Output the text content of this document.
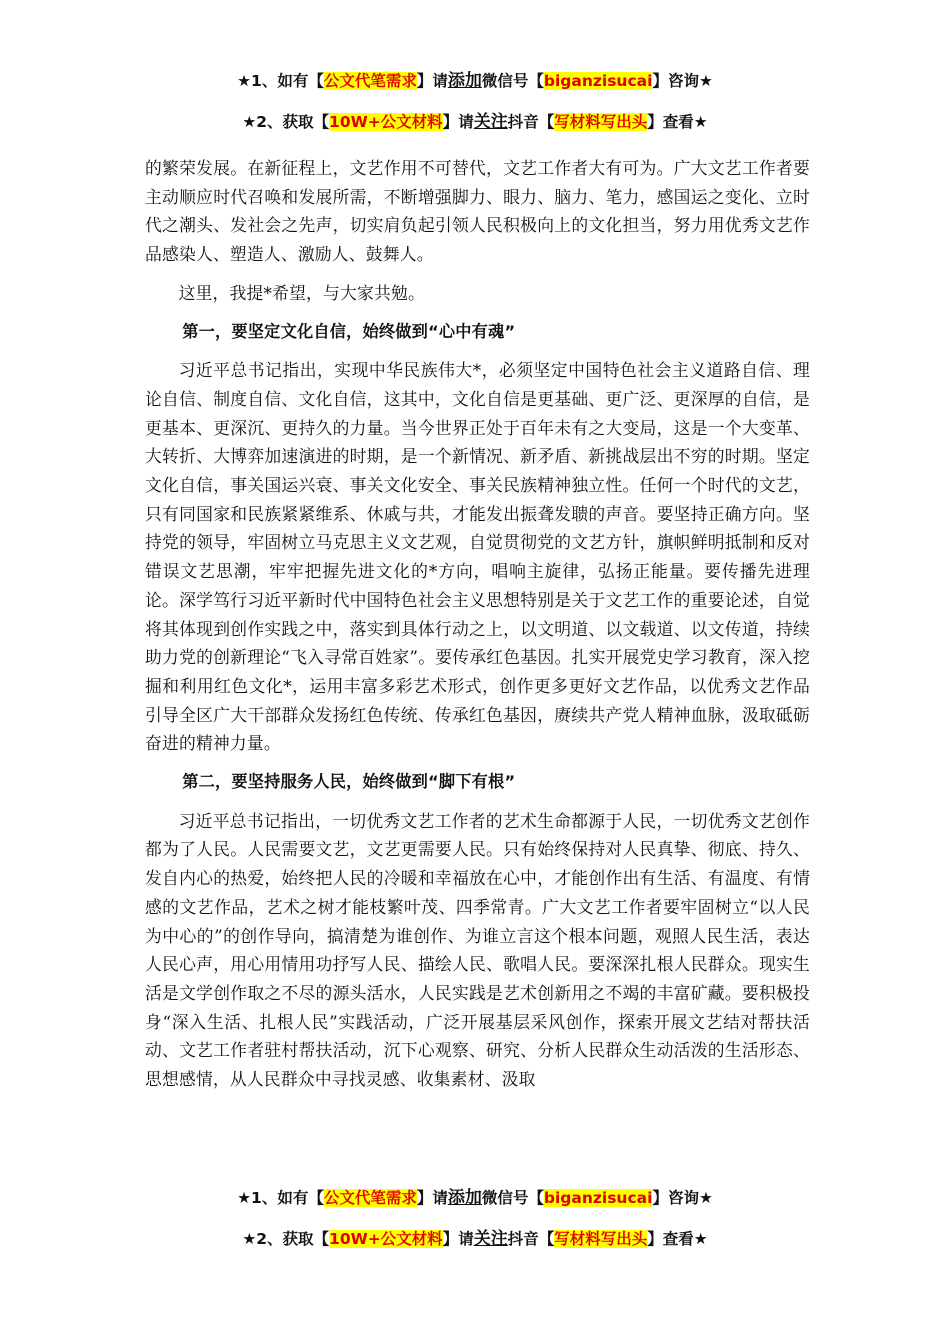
★1、如有【公文代笔需求】请添加微信号【biganzisucai】咨询★
★2、获取【10W+公文材料】请关注抖音【写材料写出头】查看★

的繁荣发展。在新征程上，文艺作用不可替代，文艺工作者大有可为。广大文艺工作者要主动顺应时代召唤和发展所需，不断增强脚力、眼力、脑力、笔力，感国运之变化、立时代之潮头、发社会之先声，切实肩负起引领人民积极向上的文化担当，努力用优秀文艺作品感染人、塑造人、激励人、鼓舞人。

这里，我提*希望，与大家共勉。

第一，要坚定文化自信，始终做到“心中有魂”

习近平总书记指出，实现中华民族伟大*，必须坚定中国特色社会主义道路自信、理论自信、制度自信、文化自信，这其中，文化自信是更基础、更广泛、更深厚的自信，是更基本、更深沉、更持久的力量。当今世界正处于百年未有之大变局，这是一个大变革、大转折、大博弈加速演进的时期，是一个新情况、新矛盾、新挑战层出不穷的时期。坚定文化自信，事关国运兴衰、事关文化安全、事关民族精神独立性。任何一个时代的文艺，只有同国家和民族紧紧维系、休戚与共，才能发出振聋发聩的声音。要坚持正确方向。坚持党的领导，牢固树立马克思主义文艺观，自觉贯彻党的文艺方针，旗帜鲜明抵制和反对错误文艺思潮，牢牢把握先进文化的*方向，唱响主旋律，弘扬正能量。要传播先进理论。深学笃行习近平新时代中国特色社会主义思想特别是关于文艺工作的重要论述，自觉将其体现到创作实践之中，落实到具体行动之上，以文明道、以文载道、以文传道，持续助力党的创新理论“飞入寻常百姓家”。要传承红色基因。扎实开展党史学习教育，深入挖掘和利用红色文化*，运用丰富多彩艺术形式，创作更多更好文艺作品，以优秀文艺作品引导全区广大干部群众发扬红色传统、传承红色基因，赓续共产党人精神血脉，汲取砥砺奋进的精神力量。

第二，要坚持服务人民，始终做到“脚下有根”

习近平总书记指出，一切优秀文艺工作者的艺术生命都源于人民，一切优秀文艺创作都为了人民。人民需要文艺，文艺更需要人民。只有始终保持对人民真挚、彻底、持久、发自内心的热爱，始终把人民的冷暖和幸福放在心中，才能创作出有生活、有温度、有情感的文艺作品，艺术之树才能枝繁叶茂、四季常青。广大文艺工作者要牢固树立“以人民为中心的”的创作导向，搞清楚为谁创作、为谁立言这个根本问题，观照人民生活，表达人民心声，用心用情用功抒写人民、描绘人民、歌唱人民。要深深扎根人民群众。现实生活是文学创作取之不尽的源头活水，人民实践是艺术创新用之不竭的丰富矿藏。要积极投身“深入生活、扎根人民”实践活动，广泛开展基层采风创作，探索开展文艺结对帮扶活动、文艺工作者驻村帮扶活动，沉下心观察、研究、分析人民群众生动活泼的生活形态、思想感情，从人民群众中寻找灵感、收集素材、汲取

★1、如有【公文代笔需求】请添加微信号【biganzisucai】咨询★
★2、获取【10W+公文材料】请关注抖音【写材料写出头】查看★
